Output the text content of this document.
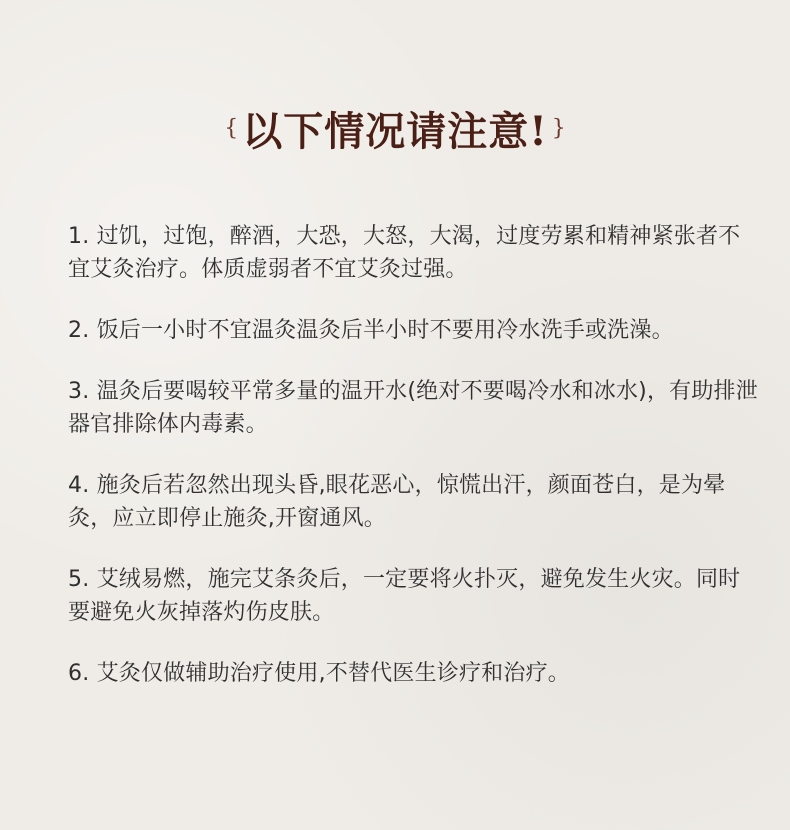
{ 以下情况请注意! }
1. 过饥，过饱，醉酒，大恐，大怒，大渴，过度劳累和精神紧张者不宜艾灸治疗。体质虚弱者不宜艾灸过强。
2. 饭后一小时不宜温灸温灸后半小时不要用冷水洗手或洗澡。
3. 温灸后要喝较平常多量的温开水(绝对不要喝冷水和冰水)，有助排泄器官排除体内毒素。
4. 施灸后若忽然出现头昏,眼花恶心，惊慌出汗，颜面苍白，是为晕灸，应立即停止施灸,开窗通风。
5. 艾绒易燃，施完艾条灸后，一定要将火扑灭，避免发生火灾。同时要避免火灰掉落灼伤皮肤。
6. 艾灸仅做辅助治疗使用,不替代医生诊疗和治疗。
